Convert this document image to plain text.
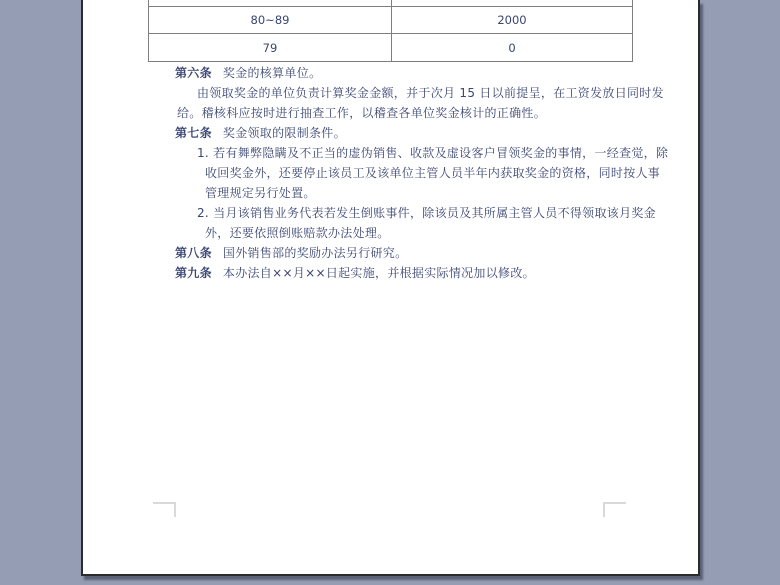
80~89	2000
79	0
第六条 奖金的核算单位。
由领取奖金的单位负责计算奖金金额，并于次月 15 日以前提呈，在工资发放日同时发
给。稽核科应按时进行抽查工作，以稽查各单位奖金核计的正确性。
第七条 奖金领取的限制条件。
1. 若有舞弊隐瞒及不正当的虚伪销售、收款及虚设客户冒领奖金的事情，一经查觉，除
收回奖金外，还要停止该员工及该单位主管人员半年内获取奖金的资格，同时按人事
管理规定另行处置。
2. 当月该销售业务代表若发生倒账事件，除该员及其所属主管人员不得领取该月奖金
外，还要依照倒账赔款办法处理。
第八条 国外销售部的奖励办法另行研究。
第九条 本办法自××月××日起实施，并根据实际情况加以修改。
